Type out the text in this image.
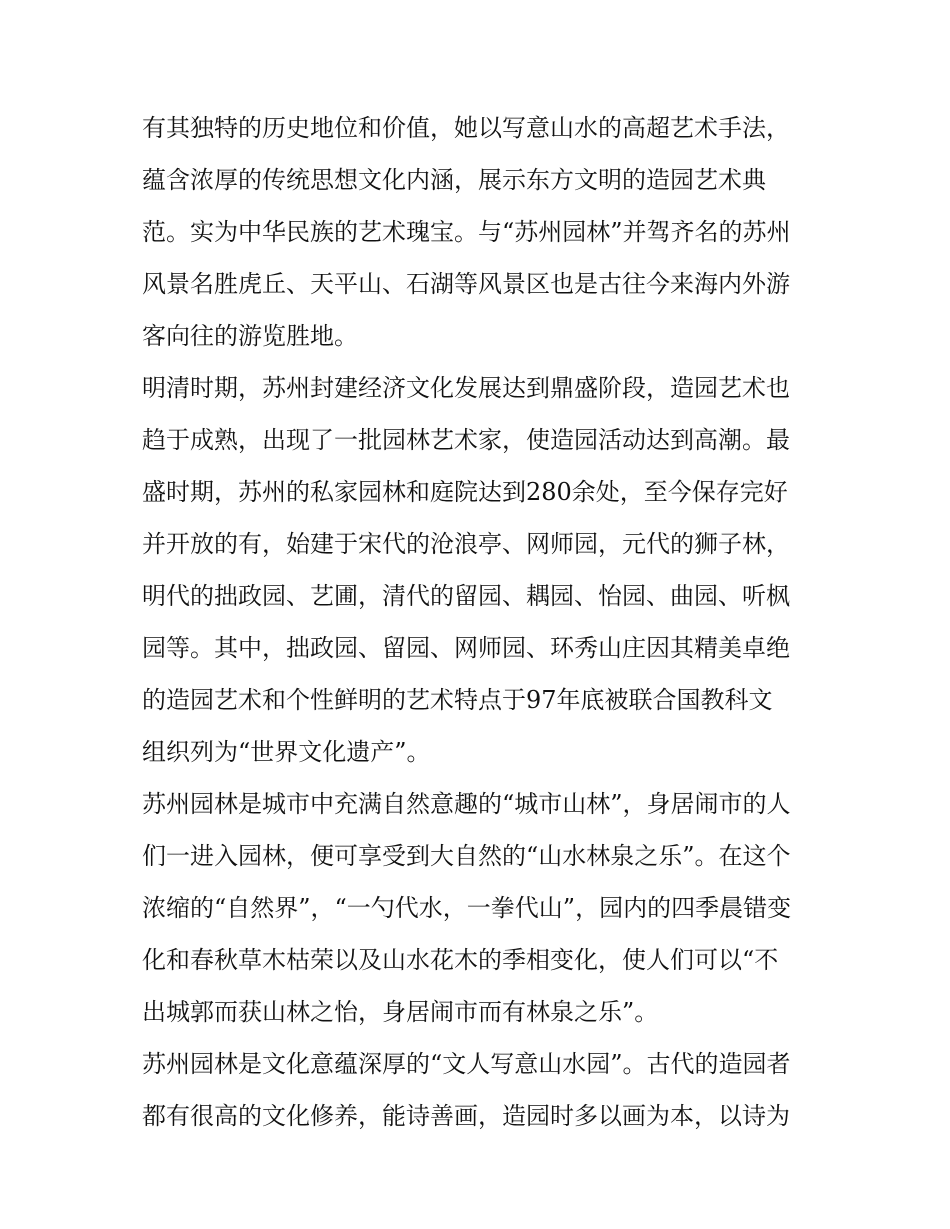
有其独特的历史地位和价值，她以写意山水的高超艺术手法，
蕴含浓厚的传统思想文化内涵，展示东方文明的造园艺术典
范。实为中华民族的艺术瑰宝。与“苏州园林”并驾齐名的苏州
风景名胜虎丘、天平山、石湖等风景区也是古往今来海内外游
客向往的游览胜地。
明清时期，苏州封建经济文化发展达到鼎盛阶段，造园艺术也
趋于成熟，出现了一批园林艺术家，使造园活动达到高潮。最
盛时期，苏州的私家园林和庭院达到280余处，至今保存完好
并开放的有，始建于宋代的沧浪亭、网师园，元代的狮子林，
明代的拙政园、艺圃，清代的留园、耦园、怡园、曲园、听枫
园等。其中，拙政园、留园、网师园、环秀山庄因其精美卓绝
的造园艺术和个性鲜明的艺术特点于97年底被联合国教科文
组织列为“世界文化遗产”。
苏州园林是城市中充满自然意趣的“城市山林”，身居闹市的人
们一进入园林，便可享受到大自然的“山水林泉之乐”。在这个
浓缩的“自然界”，“一勺代水，一拳代山”，园内的四季晨错变
化和春秋草木枯荣以及山水花木的季相变化，使人们可以“不
出城郭而获山林之怡，身居闹市而有林泉之乐”。
苏州园林是文化意蕴深厚的“文人写意山水园”。古代的造园者
都有很高的文化修养，能诗善画，造园时多以画为本，以诗为
